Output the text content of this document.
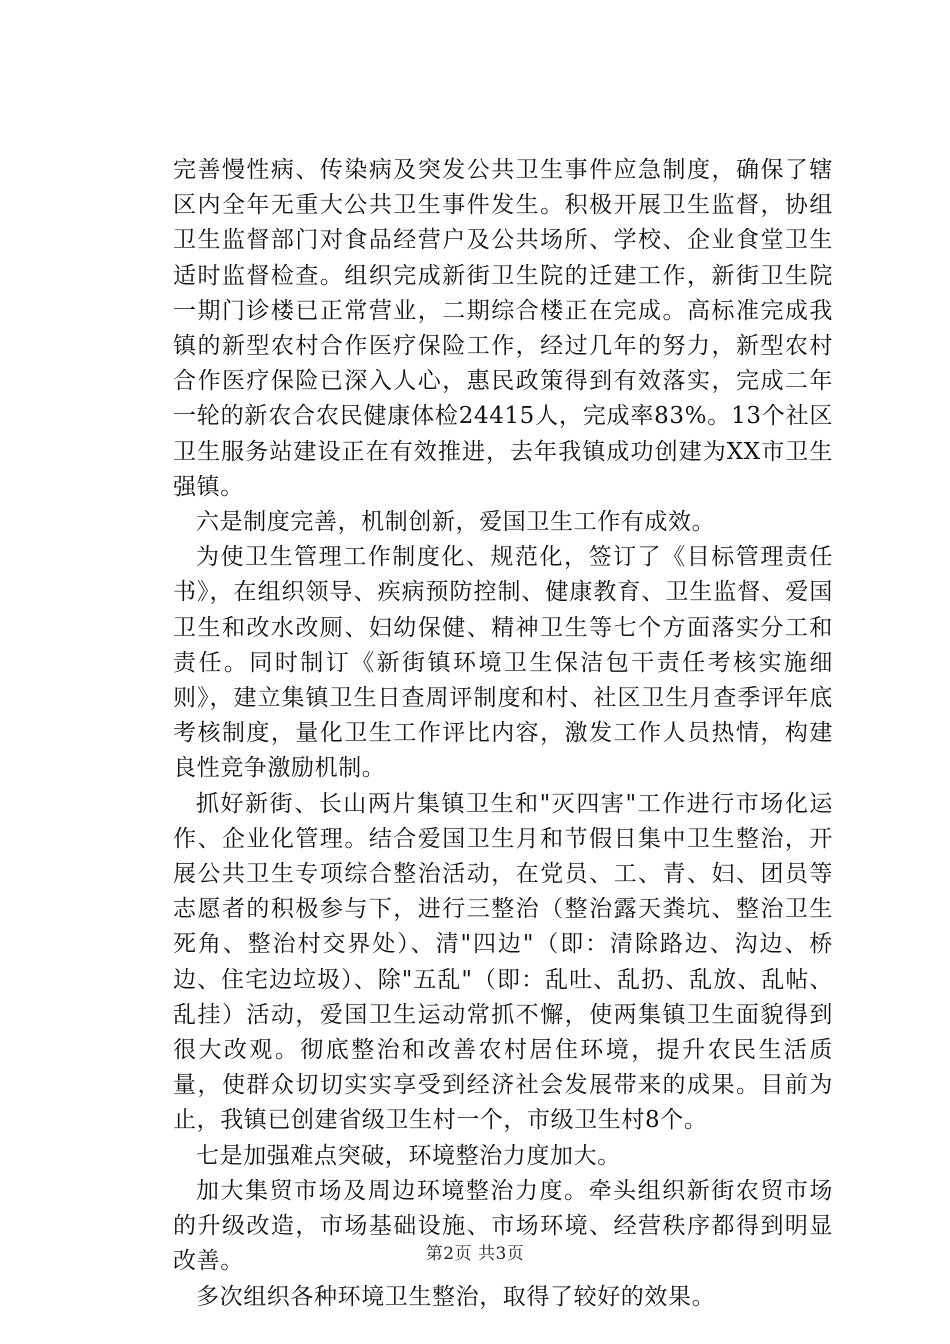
完善慢性病、传染病及突发公共卫生事件应急制度，确保了辖区内全年无重大公共卫生事件发生。积极开展卫生监督，协组卫生监督部门对食品经营户及公共场所、学校、企业食堂卫生适时监督检查。组织完成新街卫生院的迁建工作，新街卫生院一期门诊楼已正常营业，二期综合楼正在完成。高标准完成我镇的新型农村合作医疗保险工作，经过几年的努力，新型农村合作医疗保险已深入人心，惠民政策得到有效落实，完成二年一轮的新农合农民健康体检24415人，完成率83%。13个社区卫生服务站建设正在有效推进，去年我镇成功创建为XX市卫生强镇。

六是制度完善，机制创新，爱国卫生工作有成效。

为使卫生管理工作制度化、规范化，签订了《目标管理责任书》，在组织领导、疾病预防控制、健康教育、卫生监督、爱国卫生和改水改厕、妇幼保健、精神卫生等七个方面落实分工和责任。同时制订《新街镇环境卫生保洁包干责任考核实施细则》，建立集镇卫生日查周评制度和村、社区卫生月查季评年底考核制度，量化卫生工作评比内容，激发工作人员热情，构建良性竞争激励机制。

抓好新街、长山两片集镇卫生和"灭四害"工作进行市场化运作、企业化管理。结合爱国卫生月和节假日集中卫生整治，开展公共卫生专项综合整治活动，在党员、工、青、妇、团员等志愿者的积极参与下，进行三整治（整治露天粪坑、整治卫生死角、整治村交界处）、清"四边"（即：清除路边、沟边、桥边、住宅边垃圾）、除"五乱"（即：乱吐、乱扔、乱放、乱帖、乱挂）活动，爱国卫生运动常抓不懈，使两集镇卫生面貌得到很大改观。彻底整治和改善农村居住环境，提升农民生活质量，使群众切切实实享受到经济社会发展带来的成果。目前为止，我镇已创建省级卫生村一个，市级卫生村8个。

七是加强难点突破，环境整治力度加大。

加大集贸市场及周边环境整治力度。牵头组织新街农贸市场的升级改造，市场基础设施、市场环境、经营秩序都得到明显改善。

多次组织各种环境卫生整治，取得了较好的效果。

第2页 共3页
